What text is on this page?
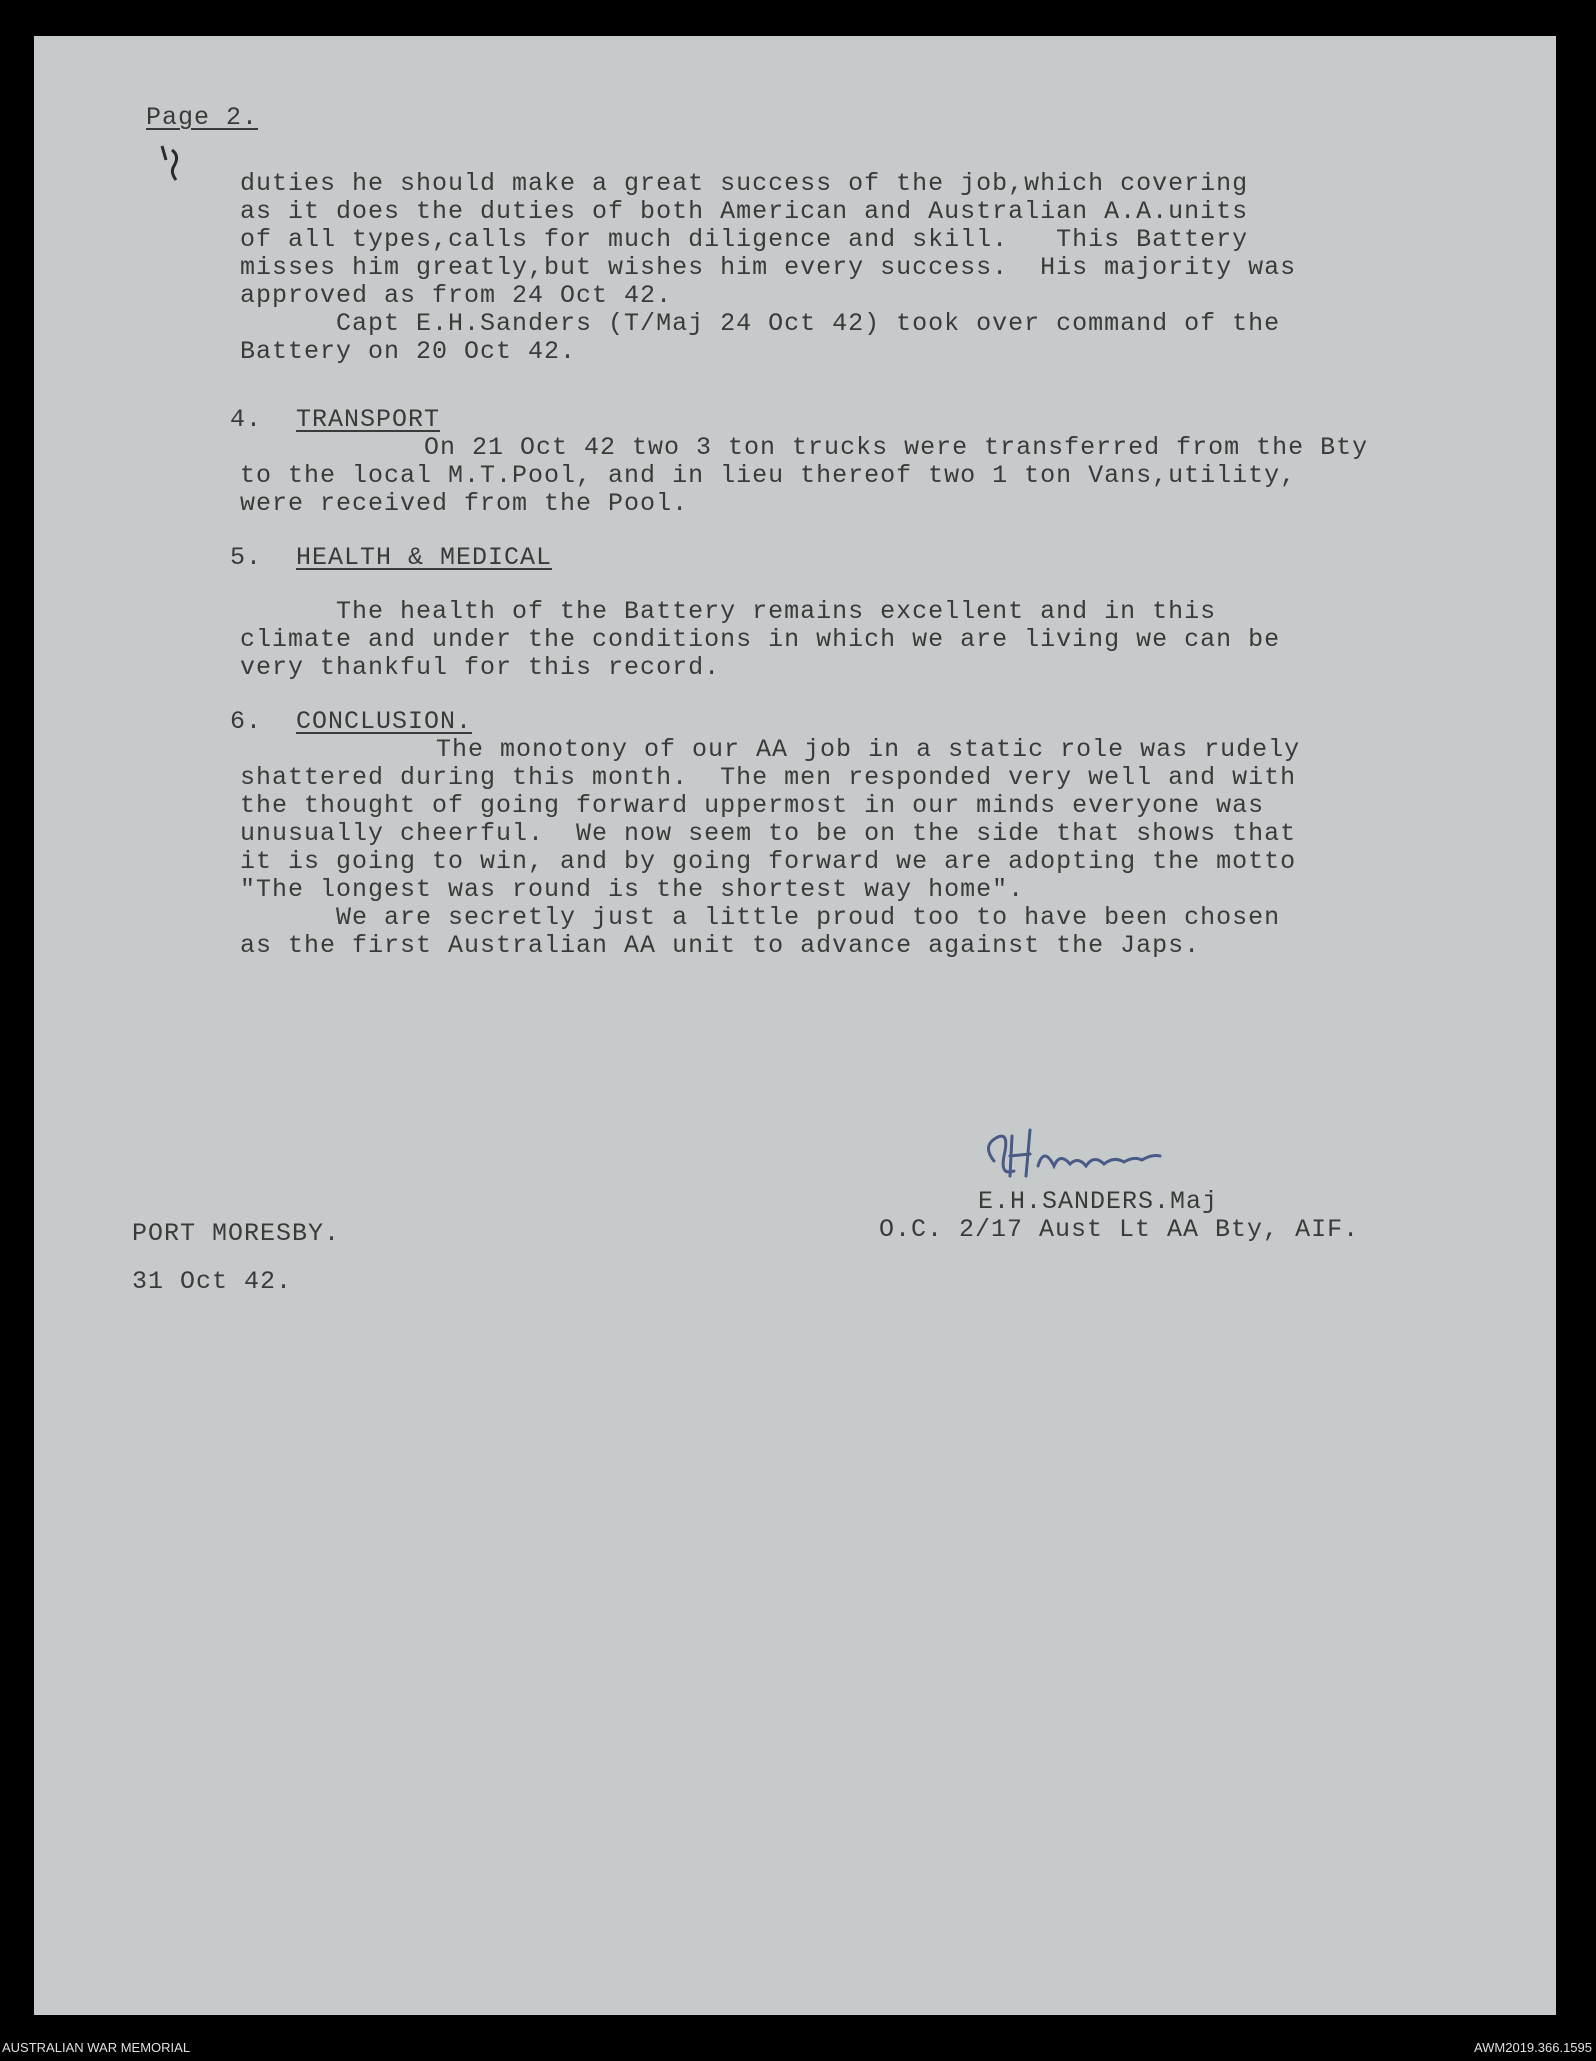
Page 2.
duties he should make a great success of the job,which covering
as it does the duties of both American and Australian A.A.units
of all types,calls for much diligence and skill.   This Battery
misses him greatly,but wishes him every success.  His majority was
approved as from 24 Oct 42.
Capt E.H.Sanders (T/Maj 24 Oct 42) took over command of the
Battery on 20 Oct 42.
4. TRANSPORT
On 21 Oct 42 two 3 ton trucks were transferred from the Bty
to the local M.T.Pool, and in lieu thereof two 1 ton Vans,utility,
were received from the Pool.
5. HEALTH & MEDICAL
The health of the Battery remains excellent and in this
climate and under the conditions in which we are living we can be
very thankful for this record.
6. CONCLUSION.
The monotony of our AA job in a static role was rudely
shattered during this month.  The men responded very well and with
the thought of going forward uppermost in our minds everyone was
unusually cheerful.  We now seem to be on the side that shows that
it is going to win, and by going forward we are adopting the motto
"The longest was round is the shortest way home".
We are secretly just a little proud too to have been chosen
as the first Australian AA unit to advance against the Japs.
E.H.SANDERS.Maj
O.C. 2/17 Aust Lt AA Bty, AIF.
PORT MORESBY.
31 Oct 42.
AUSTRALIAN WAR MEMORIAL	AWM2019.366.1595
